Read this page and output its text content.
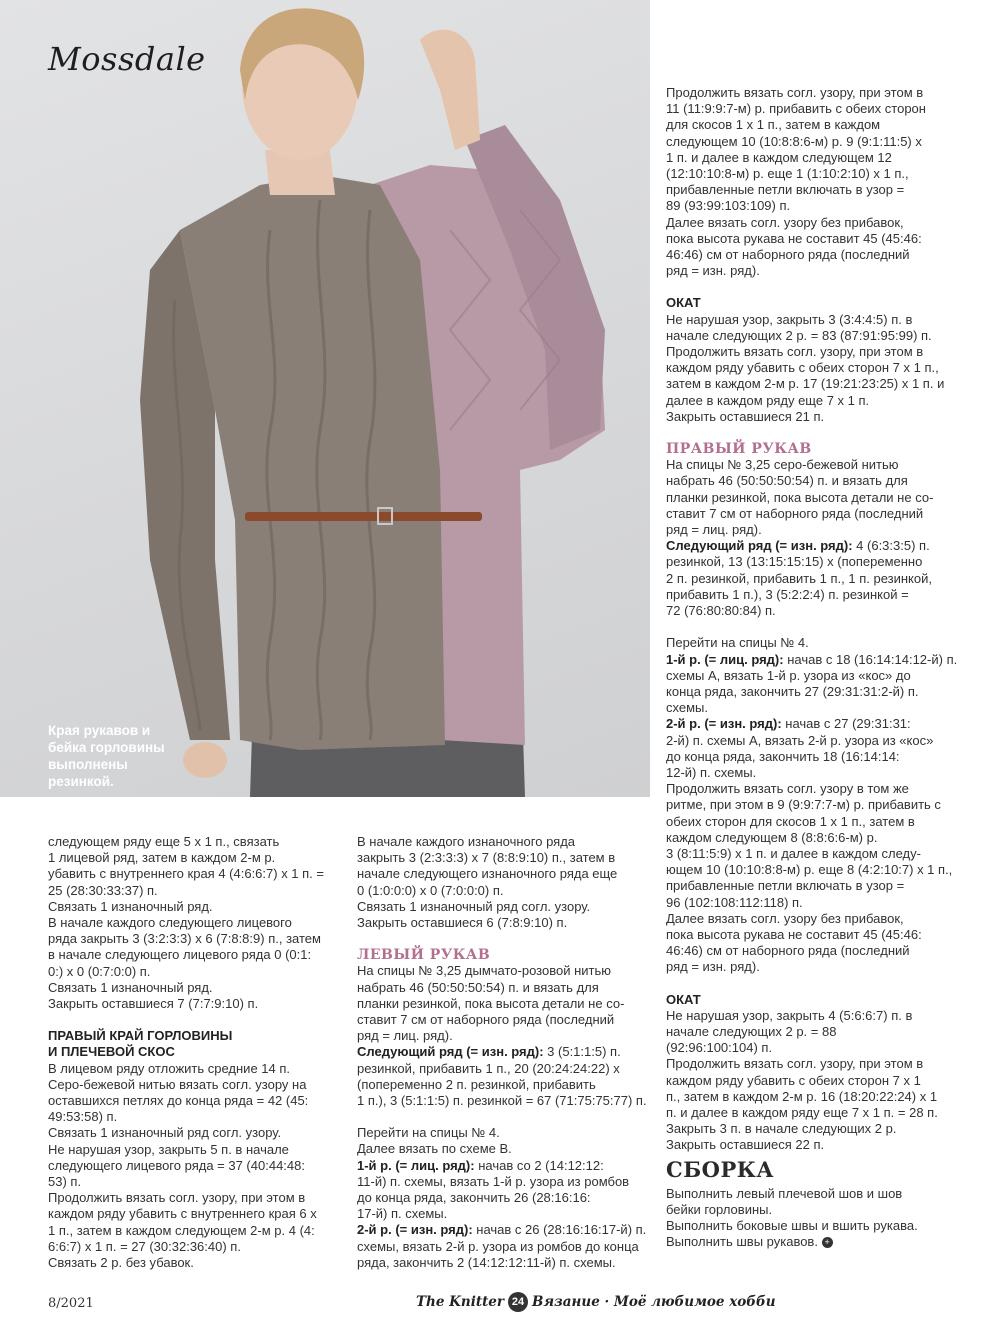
Mossdale

Края рукавов и
бейка горловины
выполнены
резинкой.

Продолжить вязать согл. узору, при этом в
11 (11:9:9:7-м) р. прибавить с обеих сторон
для скосов 1 х 1 п., затем в каждом
следующем 10 (10:8:8:6-м) р. 9 (9:1:11:5) х
1 п. и далее в каждом следующем 12
(12:10:10:8-м) р. еще 1 (1:10:2:10) х 1 п.,
прибавленные петли включать в узор =
89 (93:99:103:109) п.
Далее вязать согл. узору без прибавок,
пока высота рукава не составит 45 (45:46:
46:46) см от наборного ряда (последний
ряд = изн. ряд).

ОКАТ

Не нарушая узор, закрыть 3 (3:4:4:5) п. в
начале следующих 2 р. = 83 (87:91:95:99) п.
Продолжить вязать согл. узору, при этом в
каждом ряду убавить с обеих сторон 7 х 1 п.,
затем в каждом 2-м р. 17 (19:21:23:25) х 1 п. и
далее в каждом ряду еще 7 х 1 п.
Закрыть оставшиеся 21 п.

ПРАВЫЙ РУКАВ

На спицы № 3,25 серо-бежевой нитью
набрать 46 (50:50:50:54) п. и вязать для
планки резинкой, пока высота детали не со-
ставит 7 см от наборного ряда (последний
ряд = лиц. ряд).

Следующий ряд (= изн. ряд): 4 (6:3:3:5) п.
резинкой, 13 (13:15:15:15) х (попеременно
2 п. резинкой, прибавить 1 п., 1 п. резинкой,
прибавить 1 п.), 3 (5:2:2:4) п. резинкой =
72 (76:80:80:84) п.

Перейти на спицы № 4.

1-й р. (= лиц. ряд): начав с 18 (16:14:14:12-й) п.
схемы А, вязать 1-й р. узора из «кос» до
конца ряда, закончить 27 (29:31:31:2-й) п.
схемы.

2-й р. (= изн. ряд): начав с 27 (29:31:31:
2-й) п. схемы А, вязать 2-й р. узора из «кос»
до конца ряда, закончить 18 (16:14:14:
12-й) п. схемы.

Продолжить вязать согл. узору в том же
ритме, при этом в 9 (9:9:7:7-м) р. прибавить с
обеих сторон для скосов 1 х 1 п., затем в
каждом следующем 8 (8:8:6:6-м) р.
3 (8:11:5:9) х 1 п. и далее в каждом следу-
ющем 10 (10:10:8:8-м) р. еще 8 (4:2:10:7) х 1 п.,
прибавленные петли включать в узор =
96 (102:108:112:118) п.
Далее вязать согл. узору без прибавок,
пока высота рукава не составит 45 (45:46:
46:46) см от наборного ряда (последний
ряд = изн. ряд).

ОКАТ

Не нарушая узор, закрыть 4 (5:6:6:7) п. в
начале следующих 2 р. = 88
(92:96:100:104) п.
Продолжить вязать согл. узору, при этом в
каждом ряду убавить с обеих сторон 7 х 1
п., затем в каждом 2-м р. 16 (18:20:22:24) х 1
п. и далее в каждом ряду еще 7 х 1 п. = 28 п.
Закрыть 3 п. в начале следующих 2 р.
Закрыть оставшиеся 22 п.

СБОРКА

Выполнить левый плечевой шов и шов
бейки горловины.
Выполнить боковые швы и вшить рукава.
Выполнить швы рукавов. +

следующем ряду еще 5 х 1 п., связать
1 лицевой ряд, затем в каждом 2-м р.
убавить с внутреннего края 4 (4:6:6:7) х 1 п. =
25 (28:30:33:37) п.
Связать 1 изнаночный ряд.
В начале каждого следующего лицевого
ряда закрыть 3 (3:2:3:3) х 6 (7:8:8:9) п., затем
в начале следующего лицевого ряда 0 (0:1:
0:) х 0 (0:7:0:0) п.
Связать 1 изнаночный ряд.
Закрыть оставшиеся 7 (7:7:9:10) п.

ПРАВЫЙ КРАЙ ГОРЛОВИНЫ
И ПЛЕЧЕВОЙ СКОС

В лицевом ряду отложить средние 14 п.
Серо-бежевой нитью вязать согл. узору на
оставшихся петлях до конца ряда = 42 (45:
49:53:58) п.
Связать 1 изнаночный ряд согл. узору.
Не нарушая узор, закрыть 5 п. в начале
следующего лицевого ряда = 37 (40:44:48:
53) п.
Продолжить вязать согл. узору, при этом в
каждом ряду убавить с внутреннего края 6 х
1 п., затем в каждом следующем 2-м р. 4 (4:
6:6:7) х 1 п. = 27 (30:32:36:40) п.
Связать 2 р. без убавок.

В начале каждого изнаночного ряда
закрыть 3 (2:3:3:3) х 7 (8:8:9:10) п., затем в
начале следующего изнаночного ряда еще
0 (1:0:0:0) х 0 (7:0:0:0) п.
Связать 1 изнаночный ряд согл. узору.
Закрыть оставшиеся 6 (7:8:9:10) п.

ЛЕВЫЙ РУКАВ

На спицы № 3,25 дымчато-розовой нитью
набрать 46 (50:50:50:54) п. и вязать для
планки резинкой, пока высота детали не со-
ставит 7 см от наборного ряда (последний
ряд = лиц. ряд).

Следующий ряд (= изн. ряд): 3 (5:1:1:5) п.
резинкой, прибавить 1 п., 20 (20:24:24:22) х
(попеременно 2 п. резинкой, прибавить
1 п.), 3 (5:1:1:5) п. резинкой = 67 (71:75:75:77) п.

Перейти на спицы № 4.
Далее вязать по схеме В.

1-й р. (= лиц. ряд): начав со 2 (14:12:12:
11-й) п. схемы, вязать 1-й р. узора из ромбов
до конца ряда, закончить 26 (28:16:16:
17-й) п. схемы.

2-й р. (= изн. ряд): начав с 26 (28:16:16:17-й) п.
схемы, вязать 2-й р. узора из ромбов до конца
ряда, закончить 2 (14:12:12:11-й) п. схемы.

8/2021	The Knitter 24 Вязание · Моё любимое хобби
